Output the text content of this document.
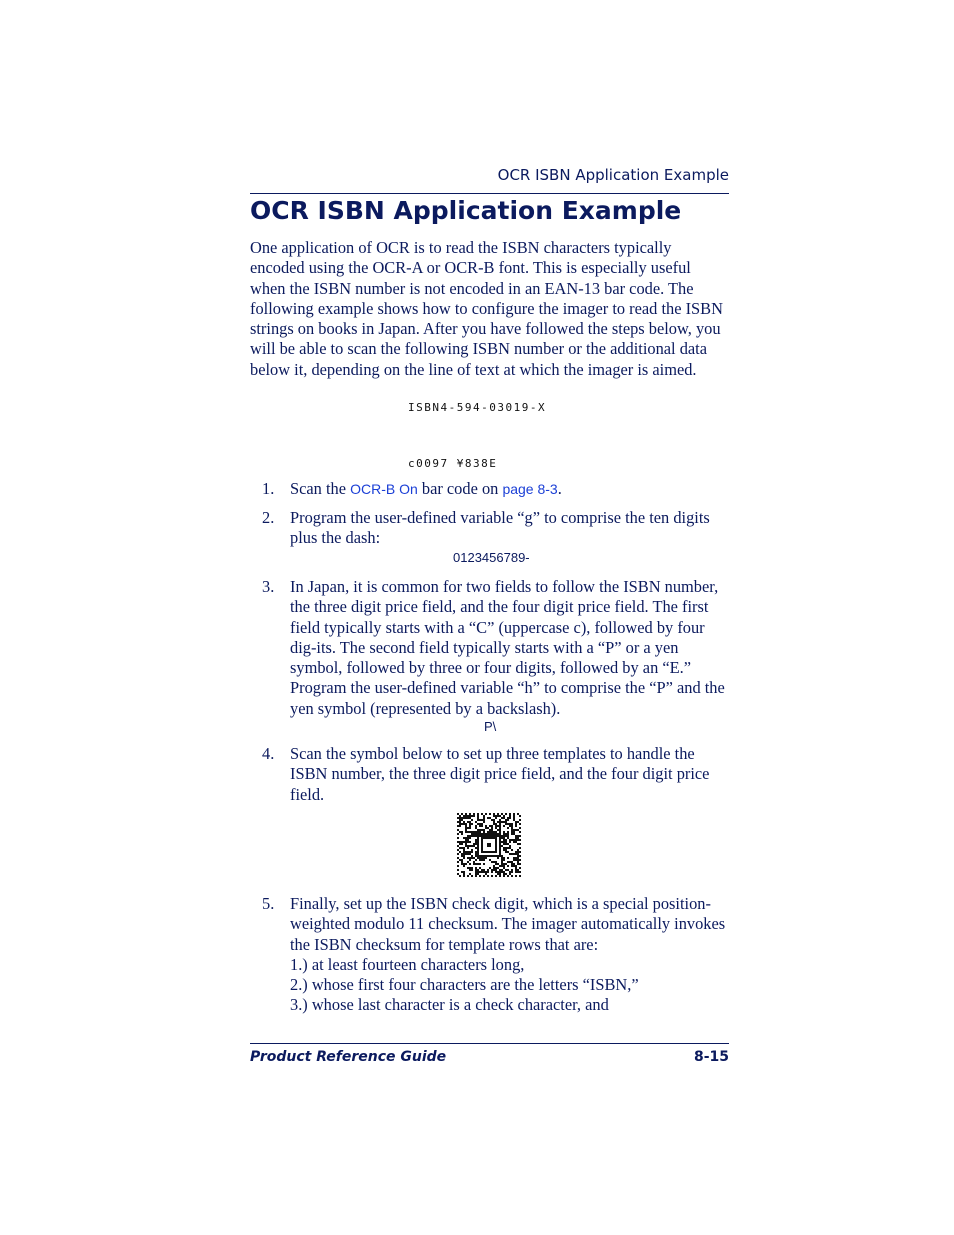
OCR ISBN Application Example
OCR ISBN Application Example

One application of OCR is to read the ISBN characters typically encoded using the OCR-A or OCR-B font. This is especially useful when the ISBN number is not encoded in an EAN-13 bar code. The following example shows how to configure the imager to read the ISBN strings on books in Japan. After you have followed the steps below, you will be able to scan the following ISBN number or the additional data below it, depending on the line of text at which the imager is aimed.

ISBN4-594-03019-X
c0097 ¥838E
1. Scan the OCR-B On bar code on page 8-3.
2. Program the user-defined variable “g” to comprise the ten digits plus the dash:

0123456789-
3. In Japan, it is common for two fields to follow the ISBN number, the three digit price field, and the four digit price field. The first field typically starts with a “C” (uppercase c), followed by four dig-its. The second field typically starts with a “P” or a yen symbol, followed by three or four digits, followed by an “E.” Program the user-defined variable “h” to comprise the “P” and the yen symbol (represented by a backslash).

P\
4. Scan the symbol below to set up three templates to handle the ISBN number, the three digit price field, and the four digit price field.

5. Finally, set up the ISBN check digit, which is a special position-weighted modulo 11 checksum. The imager automatically invokes the ISBN checksum for template rows that are:

1.) at least fourteen characters long,

2.) whose first four characters are the letters “ISBN,”

3.) whose last character is a check character, and

Product Reference Guide	8-15
